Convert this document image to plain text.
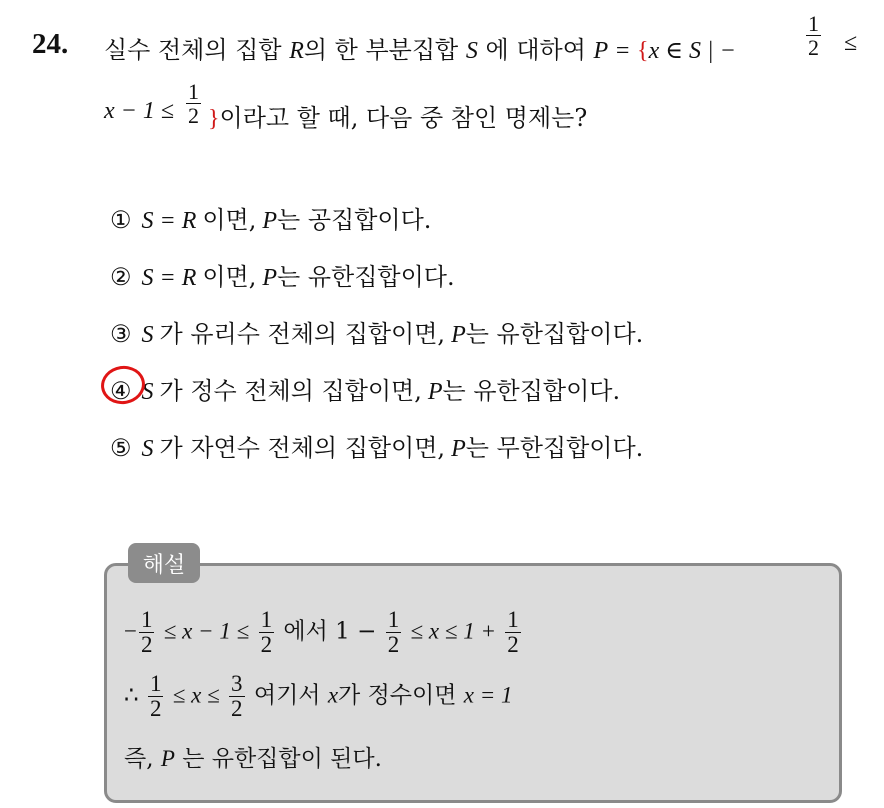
24. 실수 전체의 집합 R의 한 부분집합 S 에 대하여 P = {x ∈ S | −	$\frac{1}{2}$ ≤
$x - 1 \le \frac{1}{2}$ }이라고 할 때, 다음 중 참인 명제는?
① S = R 이면, P는 공집합이다.
② S = R 이면, P는 유한집합이다.
③ S 가 유리수 전체의 집합이면, P는 유한집합이다.
④ S 가 정수 전체의 집합이면, P는 유한집합이다.
⑤ S 가 자연수 전체의 집합이면, P는 무한집합이다.
해설
− $\frac{1}{2} \le x - 1 \le \frac{1}{2}$ 에서 $1 - \frac{1}{2} \le x \le 1 + \frac{1}{2}$
∴ $\frac{1}{2} \le x \le \frac{3}{2}$ 여기서 x가 정수이면 x = 1
즉, P 는 유한집합이 된다.
